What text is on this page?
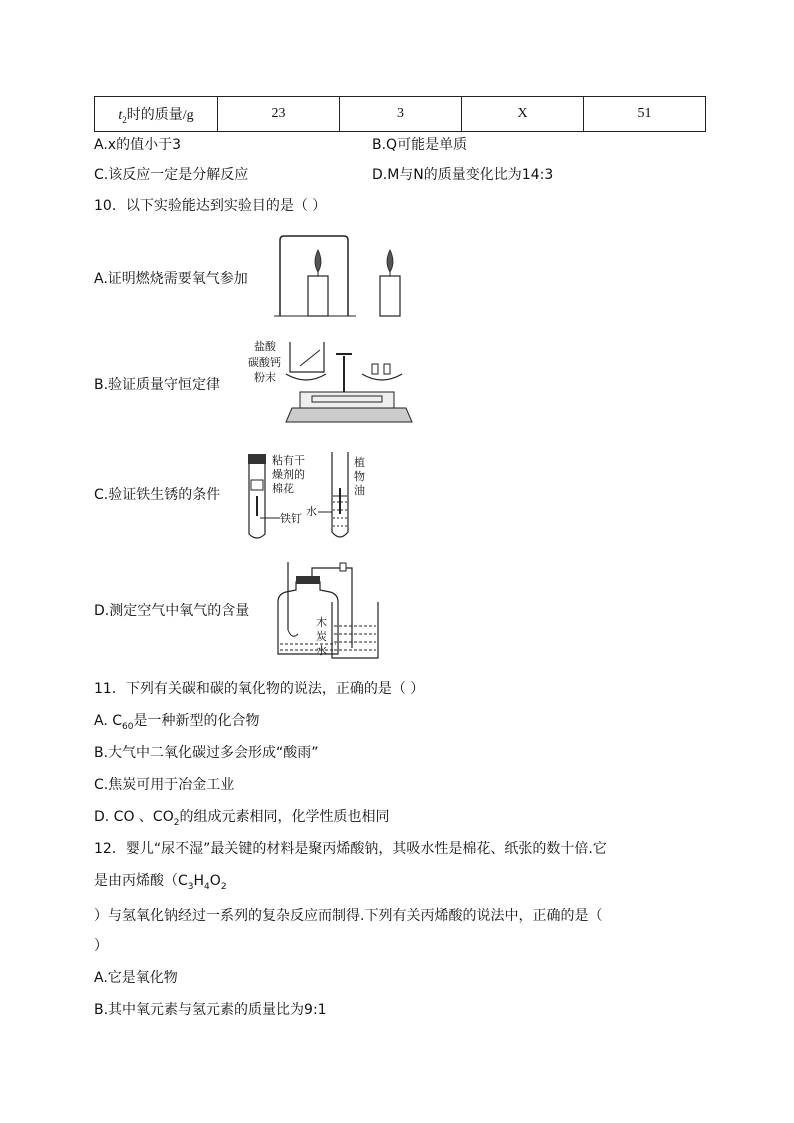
$t_2$时的质量/g	23	3	X	51
A.x的值小于3	B.Q可能是单质
C.该反应一定是分解反应	D.M与N的质量变化比为14:3
10．以下实验能达到实验目的是（ ）
A.证明燃烧需要氧气参加
B.验证质量守恒定律
盐酸
碳酸钙
粉末
C.验证铁生锈的条件
粘有干
燥剂的
棉花
铁钉
水
植
物
油
D.测定空气中氧气的含量
木
炭
水
11．下列有关碳和碳的氧化物的说法，正确的是（ ）
A. $C_{60}$是一种新型的化合物
B.大气中二氧化碳过多会形成“酸雨”
C.焦炭可用于冶金工业
D. CO 、$CO_2$的组成元素相同，化学性质也相同
12．婴儿“尿不湿”最关键的材料是聚丙烯酸钠，其吸水性是棉花、纸张的数十倍.它
是由丙烯酸（$C_3H_4O_2$
）与氢氧化钠经过一系列的复杂反应而制得.下列有关丙烯酸的说法中，正确的是（
）
A.它是氧化物
B.其中氧元素与氢元素的质量比为9:1
